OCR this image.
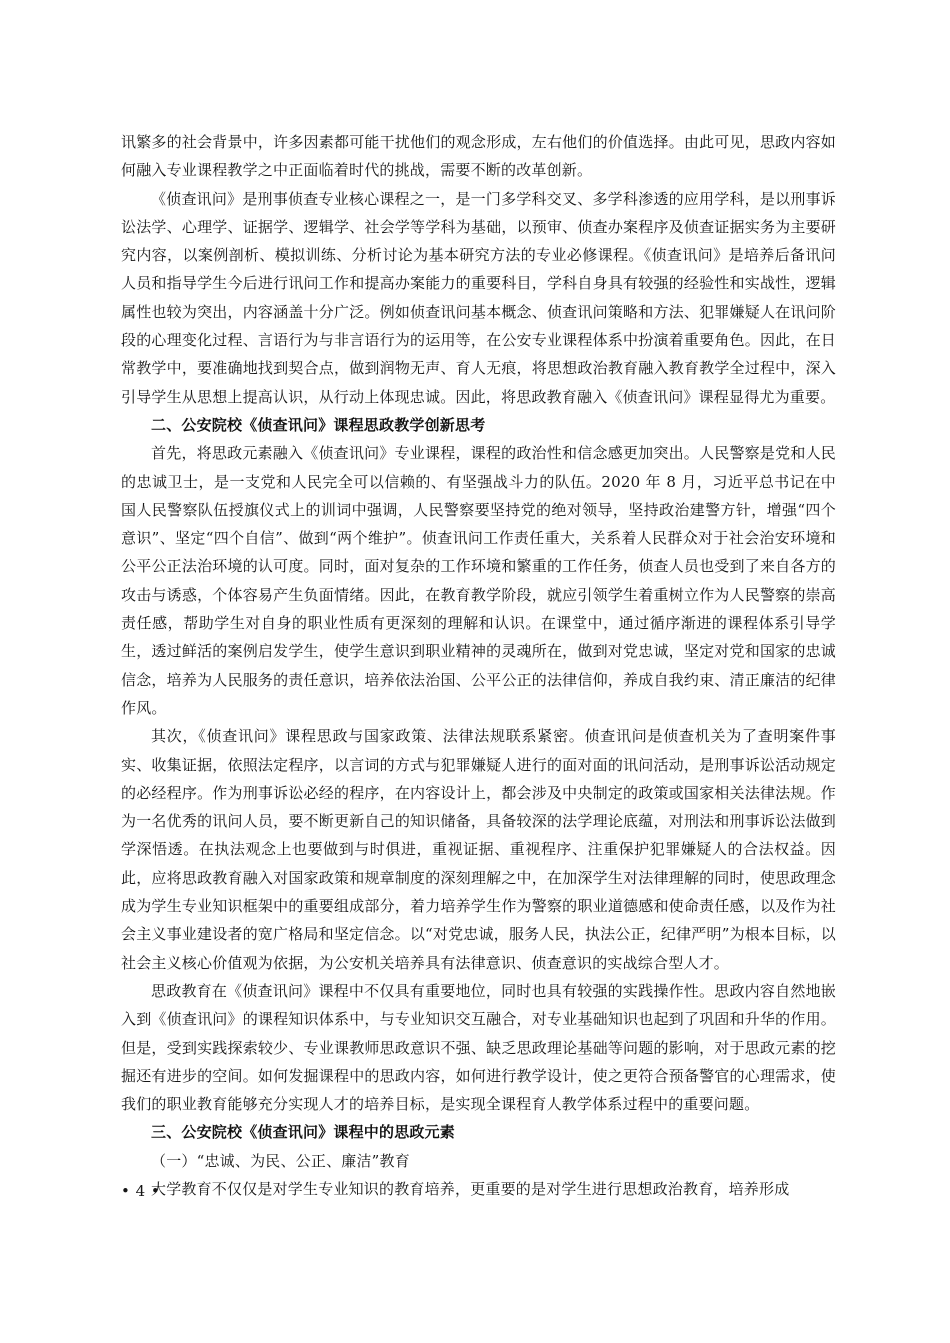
讯繁多的社会背景中，许多因素都可能干扰他们的观念形成，左右他们的价值选择。由此可见，思政内容如何融入专业课程教学之中正面临着时代的挑战，需要不断的改革创新。

《侦查讯问》是刑事侦查专业核心课程之一，是一门多学科交叉、多学科渗透的应用学科，是以刑事诉讼法学、心理学、证据学、逻辑学、社会学等学科为基础，以预审、侦查办案程序及侦查证据实务为主要研究内容，以案例剖析、模拟训练、分析讨论为基本研究方法的专业必修课程。《侦查讯问》是培养后备讯问人员和指导学生今后进行讯问工作和提高办案能力的重要科目，学科自身具有较强的经验性和实战性，逻辑属性也较为突出，内容涵盖十分广泛。例如侦查讯问基本概念、侦查讯问策略和方法、犯罪嫌疑人在讯问阶段的心理变化过程、言语行为与非言语行为的运用等，在公安专业课程体系中扮演着重要角色。因此，在日常教学中，要准确地找到契合点，做到润物无声、育人无痕，将思想政治教育融入教育教学全过程中，深入引导学生从思想上提高认识，从行动上体现忠诚。因此，将思政教育融入《侦查讯问》课程显得尤为重要。

二、公安院校《侦查讯问》课程思政教学创新思考

首先，将思政元素融入《侦查讯问》专业课程，课程的政治性和信念感更加突出。人民警察是党和人民的忠诚卫士，是一支党和人民完全可以信赖的、有坚强战斗力的队伍。2020 年 8 月，习近平总书记在中国人民警察队伍授旗仪式上的训词中强调，人民警察要坚持党的绝对领导，坚持政治建警方针，增强“四个意识”、坚定“四个自信”、做到“两个维护”。侦查讯问工作责任重大，关系着人民群众对于社会治安环境和公平公正法治环境的认可度。同时，面对复杂的工作环境和繁重的工作任务，侦查人员也受到了来自各方的攻击与诱惑，个体容易产生负面情绪。因此，在教育教学阶段，就应引领学生着重树立作为人民警察的崇高责任感，帮助学生对自身的职业性质有更深刻的理解和认识。在课堂中，通过循序渐进的课程体系引导学生，透过鲜活的案例启发学生，使学生意识到职业精神的灵魂所在，做到对党忠诚，坚定对党和国家的忠诚信念，培养为人民服务的责任意识，培养依法治国、公平公正的法律信仰，养成自我约束、清正廉洁的纪律作风。

其次，《侦查讯问》课程思政与国家政策、法律法规联系紧密。侦查讯问是侦查机关为了查明案件事实、收集证据，依照法定程序，以言词的方式与犯罪嫌疑人进行的面对面的讯问活动，是刑事诉讼活动规定的必经程序。作为刑事诉讼必经的程序，在内容设计上，都会涉及中央制定的政策或国家相关法律法规。作为一名优秀的讯问人员，要不断更新自己的知识储备，具备较深的法学理论底蕴，对刑法和刑事诉讼法做到学深悟透。在执法观念上也要做到与时俱进，重视证据、重视程序、注重保护犯罪嫌疑人的合法权益。因此，应将思政教育融入对国家政策和规章制度的深刻理解之中，在加深学生对法律理解的同时，使思政理念成为学生专业知识框架中的重要组成部分，着力培养学生作为警察的职业道德感和使命责任感，以及作为社会主义事业建设者的宽广格局和坚定信念。以“对党忠诚，服务人民，执法公正，纪律严明”为根本目标，以社会主义核心价值观为依据，为公安机关培养具有法律意识、侦查意识的实战综合型人才。

思政教育在《侦查讯问》课程中不仅具有重要地位，同时也具有较强的实践操作性。思政内容自然地嵌入到《侦查讯问》的课程知识体系中，与专业知识交互融合，对专业基础知识也起到了巩固和升华的作用。但是，受到实践探索较少、专业课教师思政意识不强、缺乏思政理论基础等问题的影响，对于思政元素的挖掘还有进步的空间。如何发掘课程中的思政内容，如何进行教学设计，使之更符合预备警官的心理需求，使我们的职业教育能够充分实现人才的培养目标，是实现全课程育人教学体系过程中的重要问题。

三、公安院校《侦查讯问》课程中的思政元素

（一）“忠诚、为民、公正、廉洁”教育

大学教育不仅仅是对学生专业知识的教育培养，更重要的是对学生进行思想政治教育，培养形成

• 4 •
